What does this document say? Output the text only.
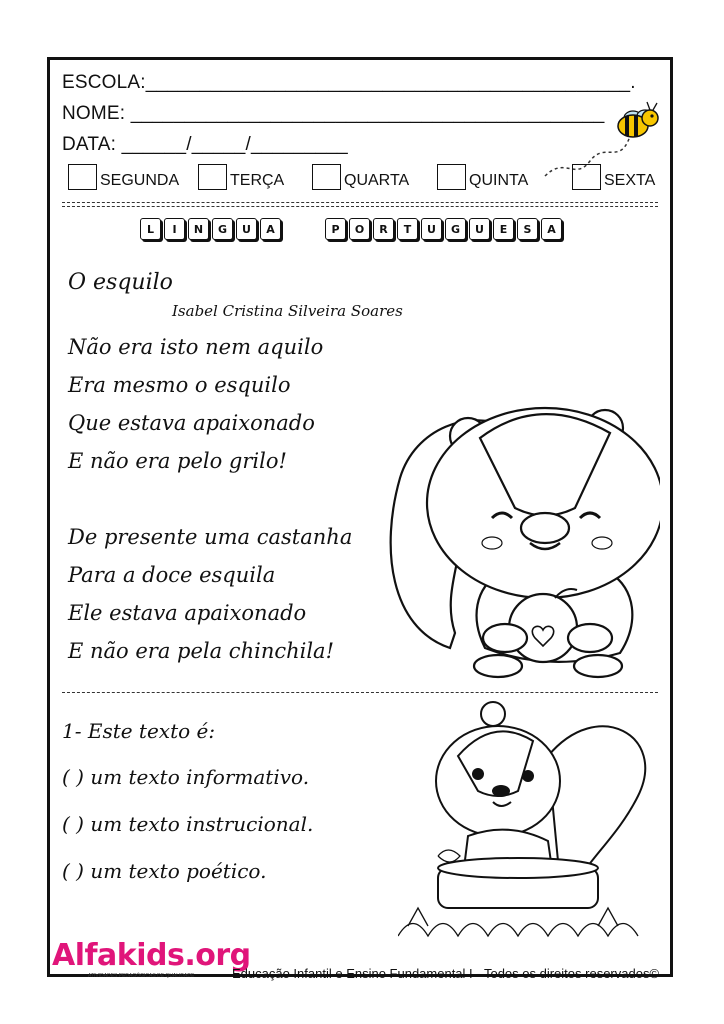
ESCOLA:_____________________________________________.
NOME: ____________________________________________
DATA: ______/_____/_________
SEGUNDA	TERÇA	QUARTA	QUINTA	SEXTA
L	I	N	G	U	A	P	O	R	T	U	G	U	E	S	A
O esquilo
Isabel Cristina Silveira Soares
Não era isto nem aquilo
Era mesmo o esquilo
Que estava apaixonado
E não era pelo grilo!
De presente uma castanha
Para a doce esquila
Ele estava apaixonado
E não era pela chinchila!
1- Este texto é:
( ) um texto informativo.
( ) um texto instrucional.
( ) um texto poético.
Alfakids.org
ATIVIDADES PEDAGÓGICAS DE QUALIDADE	Educação Infantil e Ensino Fundamental I - Todos os direitos reservados©
